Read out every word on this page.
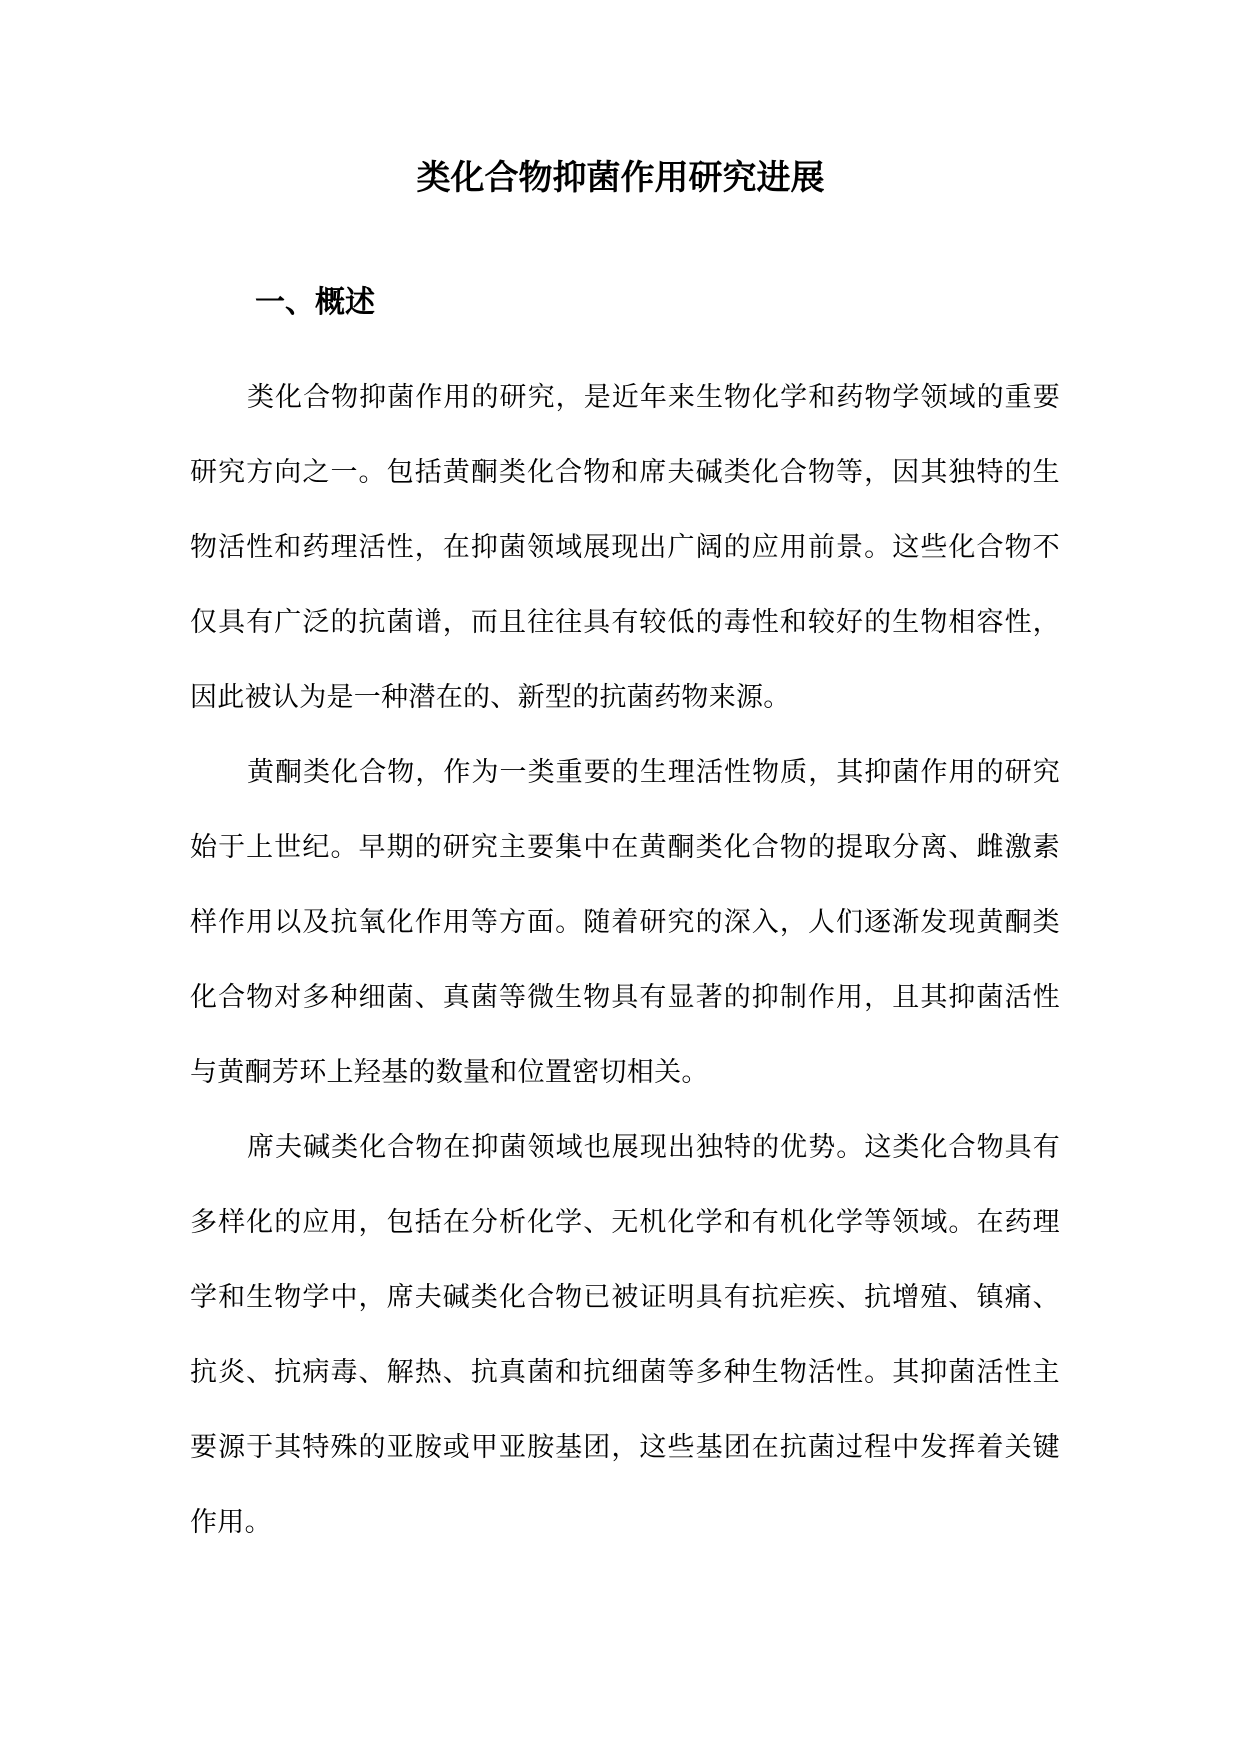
类化合物抑菌作用研究进展
一、概述

类化合物抑菌作用的研究，是近年来生物化学和药物学领域的重要研究方向之一。包括黄酮类化合物和席夫碱类化合物等，因其独特的生物活性和药理活性，在抑菌领域展现出广阔的应用前景。这些化合物不仅具有广泛的抗菌谱，而且往往具有较低的毒性和较好的生物相容性，因此被认为是一种潜在的、新型的抗菌药物来源。

黄酮类化合物，作为一类重要的生理活性物质，其抑菌作用的研究始于上世纪。早期的研究主要集中在黄酮类化合物的提取分离、雌激素样作用以及抗氧化作用等方面。随着研究的深入，人们逐渐发现黄酮类化合物对多种细菌、真菌等微生物具有显著的抑制作用，且其抑菌活性与黄酮芳环上羟基的数量和位置密切相关。

席夫碱类化合物在抑菌领域也展现出独特的优势。这类化合物具有多样化的应用，包括在分析化学、无机化学和有机化学等领域。在药理学和生物学中，席夫碱类化合物已被证明具有抗疟疾、抗增殖、镇痛、抗炎、抗病毒、解热、抗真菌和抗细菌等多种生物活性。其抑菌活性主要源于其特殊的亚胺或甲亚胺基团，这些基团在抗菌过程中发挥着关键作用。
